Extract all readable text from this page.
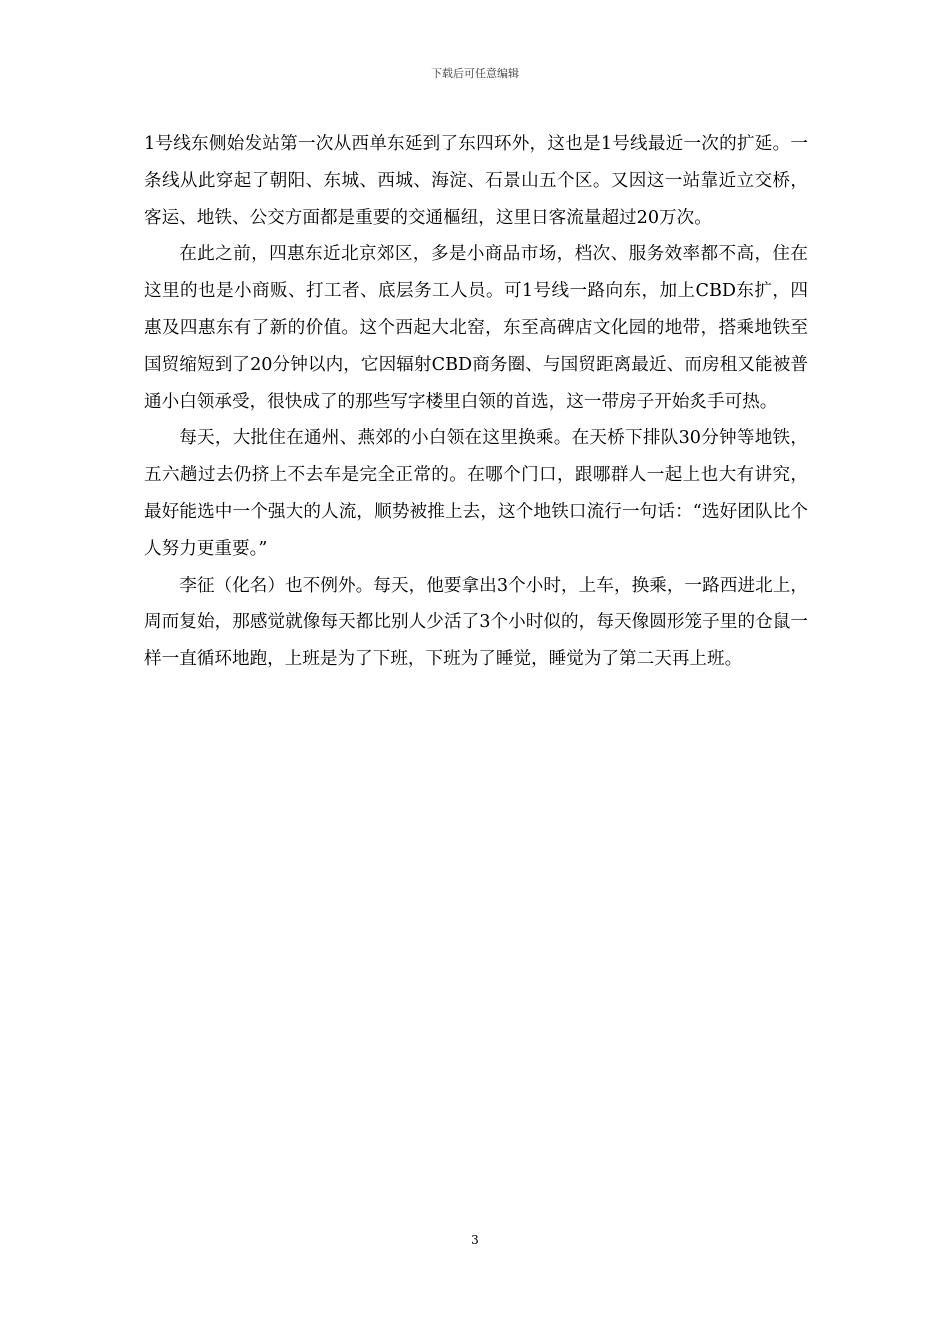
下载后可任意编辑

1号线东侧始发站第一次从西单东延到了东四环外，这也是1号线最近一次的扩延。一条线从此穿起了朝阳、东城、西城、海淀、石景山五个区。又因这一站靠近立交桥，客运、地铁、公交方面都是重要的交通樞纽，这里日客流量超过20万次。

在此之前，四惠东近北京郊区，多是小商品市场，档次、服务效率都不高，住在这里的也是小商贩、打工者、底层务工人员。可1号线一路向东，加上CBD东扩，四惠及四惠东有了新的价值。这个西起大北窑，东至高碑店文化园的地带，搭乘地铁至国贸缩短到了20分钟以内，它因辐射CBD商务圈、与国贸距离最近、而房租又能被普通小白领承受，很快成了的那些写字楼里白领的首选，这一带房子开始炙手可热。

每天，大批住在通州、燕郊的小白领在这里换乘。在天桥下排队30分钟等地铁，五六趟过去仍挤上不去车是完全正常的。在哪个门口，跟哪群人一起上也大有讲究，最好能选中一个强大的人流，顺势被推上去，这个地铁口流行一句话：“选好团队比个人努力更重要。”

李征（化名）也不例外。每天，他要拿出3个小时，上车，换乘，一路西进北上，周而复始，那感觉就像每天都比别人少活了3个小时似的，每天像圆形笼子里的仓鼠一样一直循环地跑，上班是为了下班，下班为了睡觉，睡觉为了第二天再上班。

3
